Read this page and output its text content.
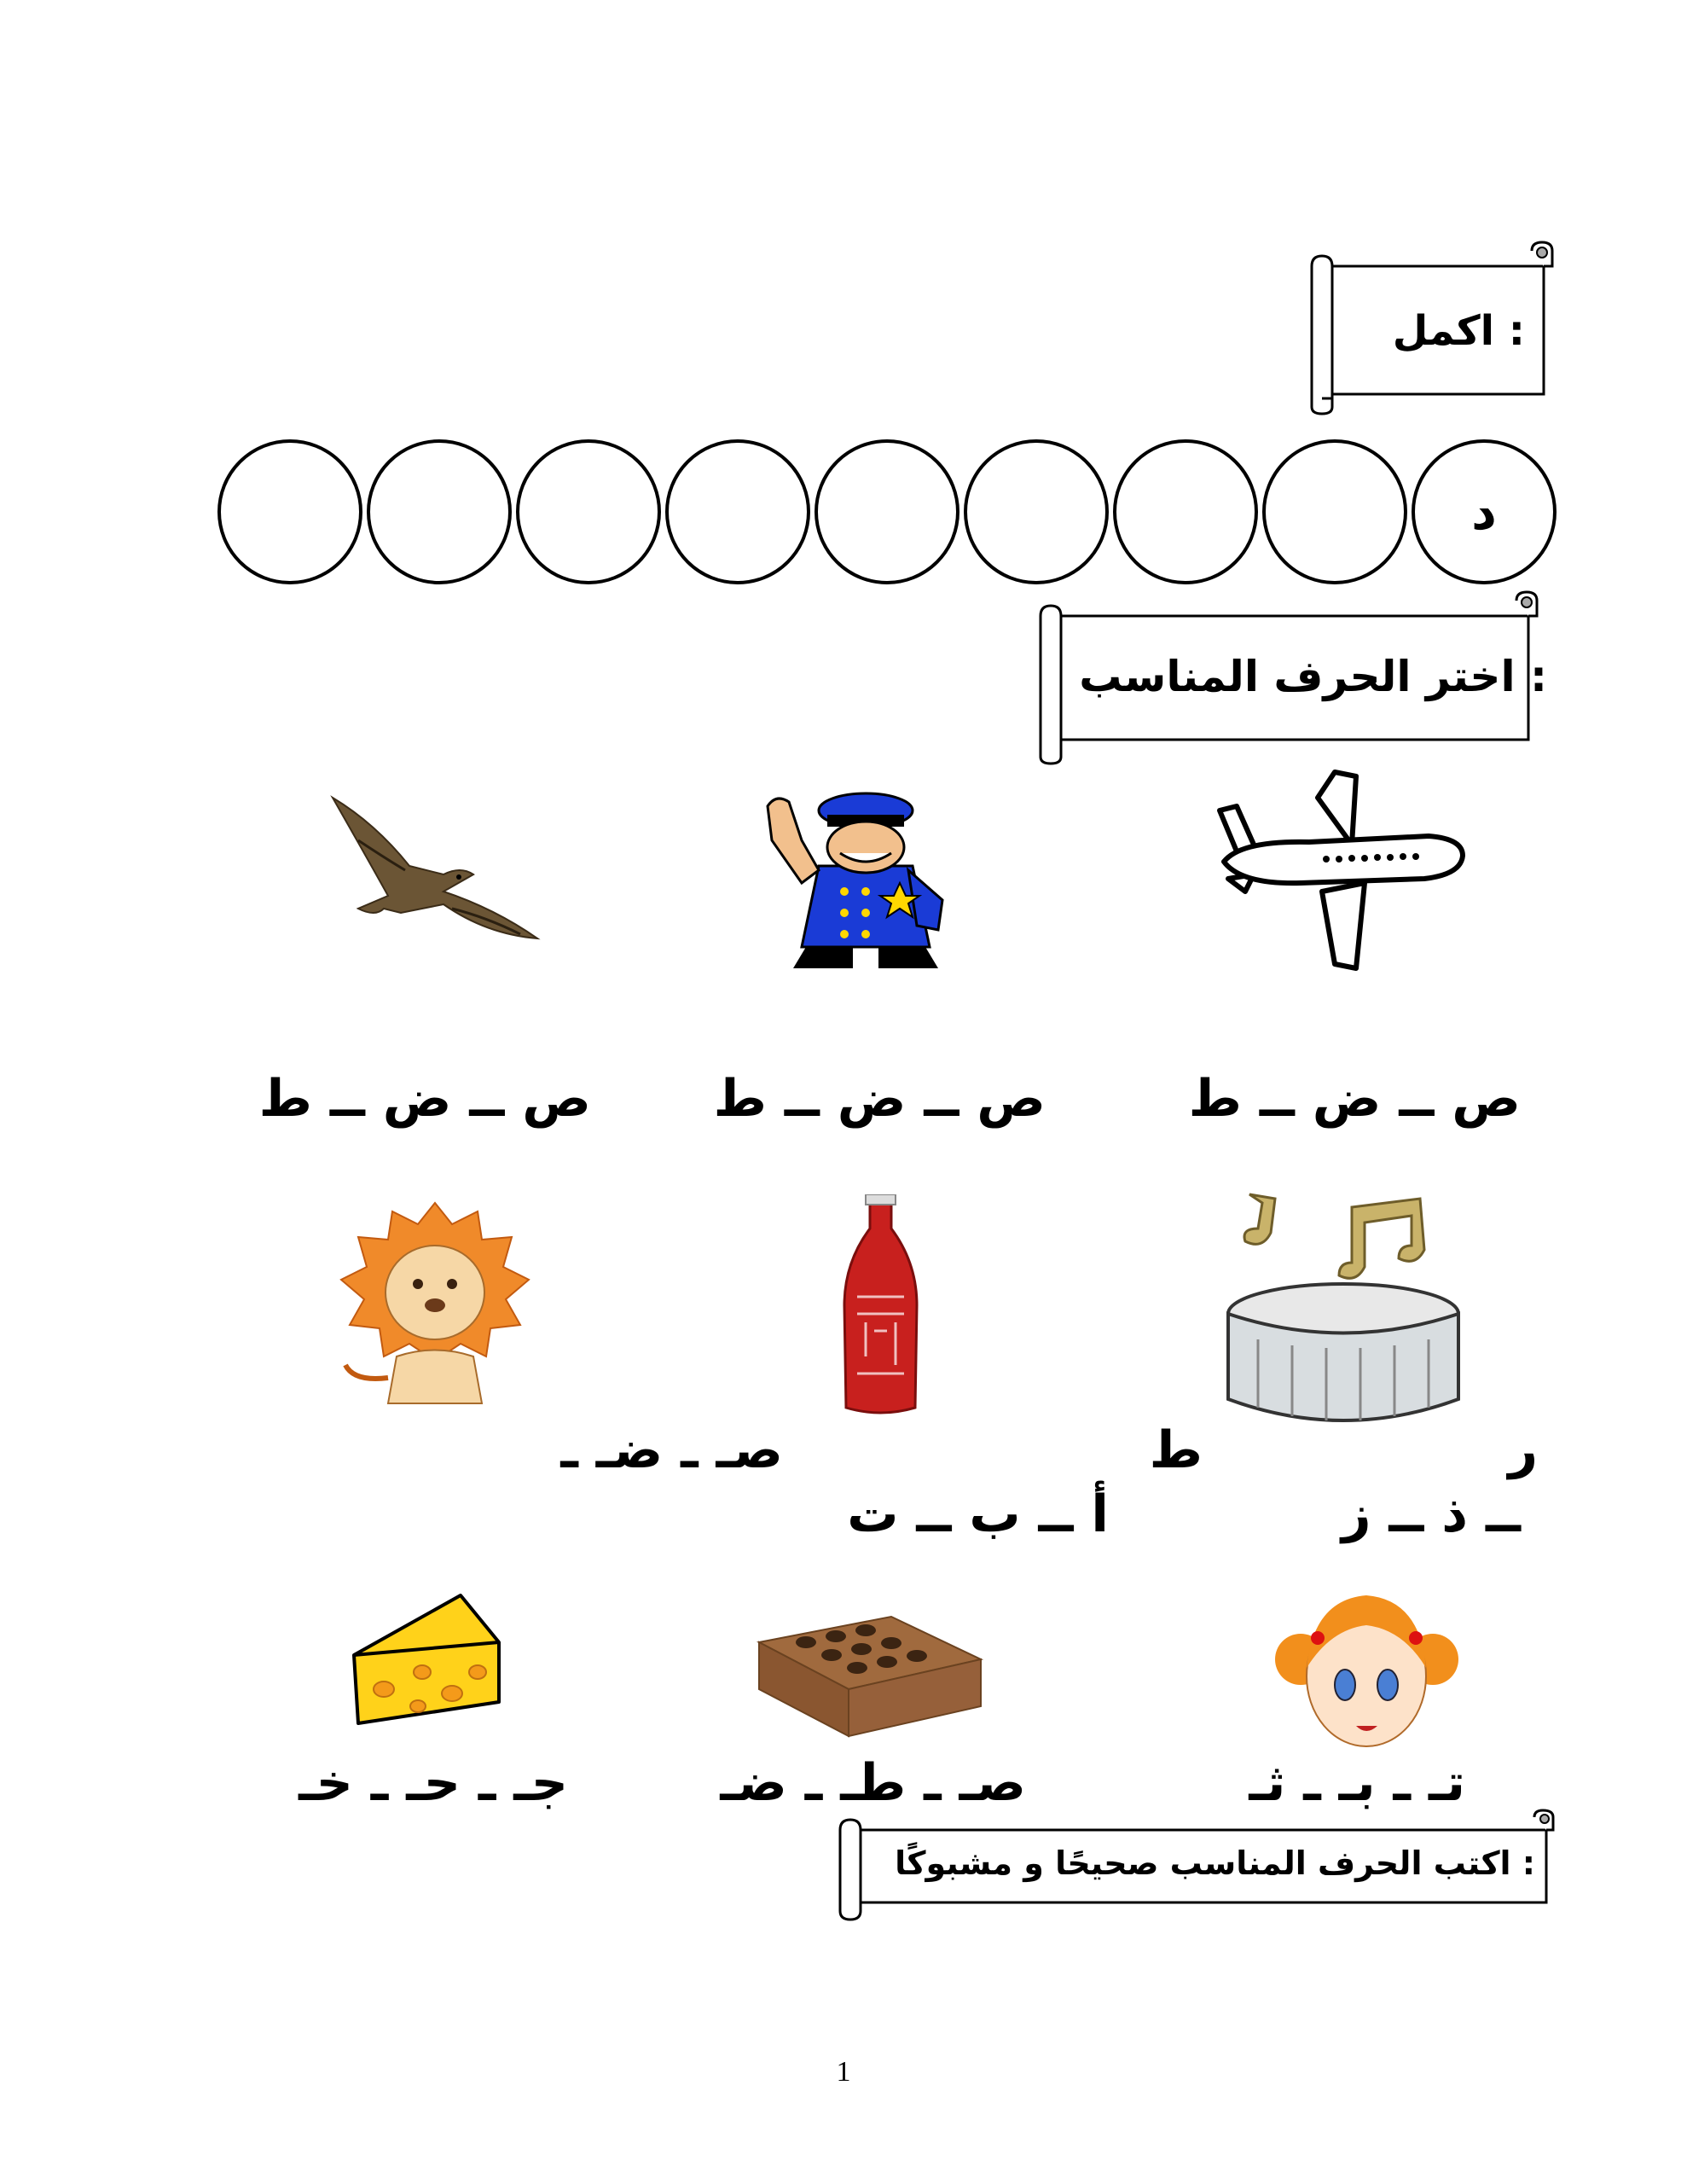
: اكمل
د
: اختر الحرف المناسب
ص ــ ض ــ ط
ص ــ ض ــ ط
ص ــ ض ــ ط
ر
ــ ذ ــ ز
ط
أ ــ ب ــ ت
صـ ـ ضـ ـ
تـ ـ بـ ـ ثـ
صـ ـ طـ ـ ضـ
جـ ـ حـ ـ خـ
: اكتب الحرف المناسب صحيحًا و مشبوكًا
1
